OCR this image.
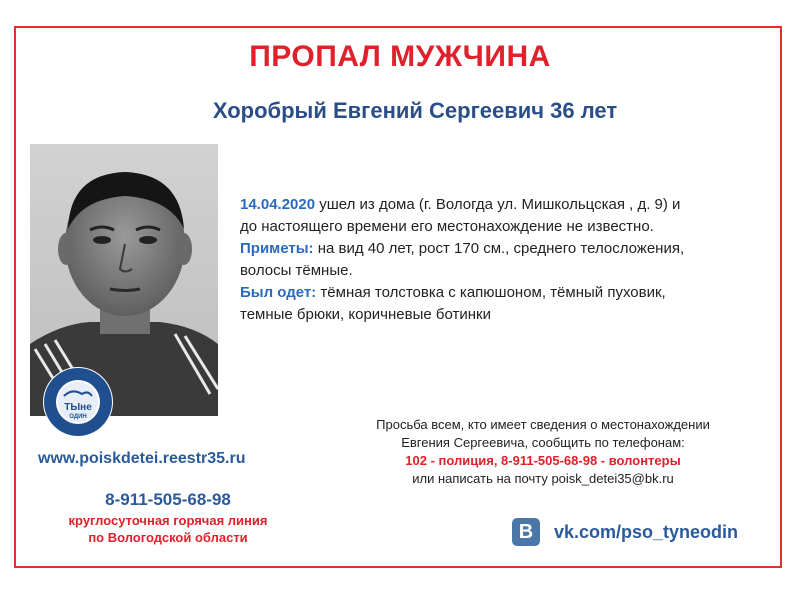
ПРОПАЛ МУЖЧИНА
Хоробрый Евгений Сергеевич 36 лет
ТЫне
ОДИН
14.04.2020 ушел из дома (г. Вологда ул. Мишкольцская , д. 9) и
до настоящего времени его местонахождение не известно.
Приметы: на вид 40 лет, рост 170 см., среднего телосложения,
волосы тёмные.
Был одет: тёмная толстовка с капюшоном, тёмный пуховик,
темные брюки, коричневые ботинки
www.poiskdetei.reestr35.ru
8-911-505-68-98
круглосуточная горячая линия
по Вологодской области
Просьба всем, кто имеет сведения о местонахождении
Евгения Сергеевича, сообщить по телефонам:
102 - полиция, 8-911-505-68-98 - волонтеры
или написать на почту poisk_detei35@bk.ru
В	vk.com/pso_tyneodin
